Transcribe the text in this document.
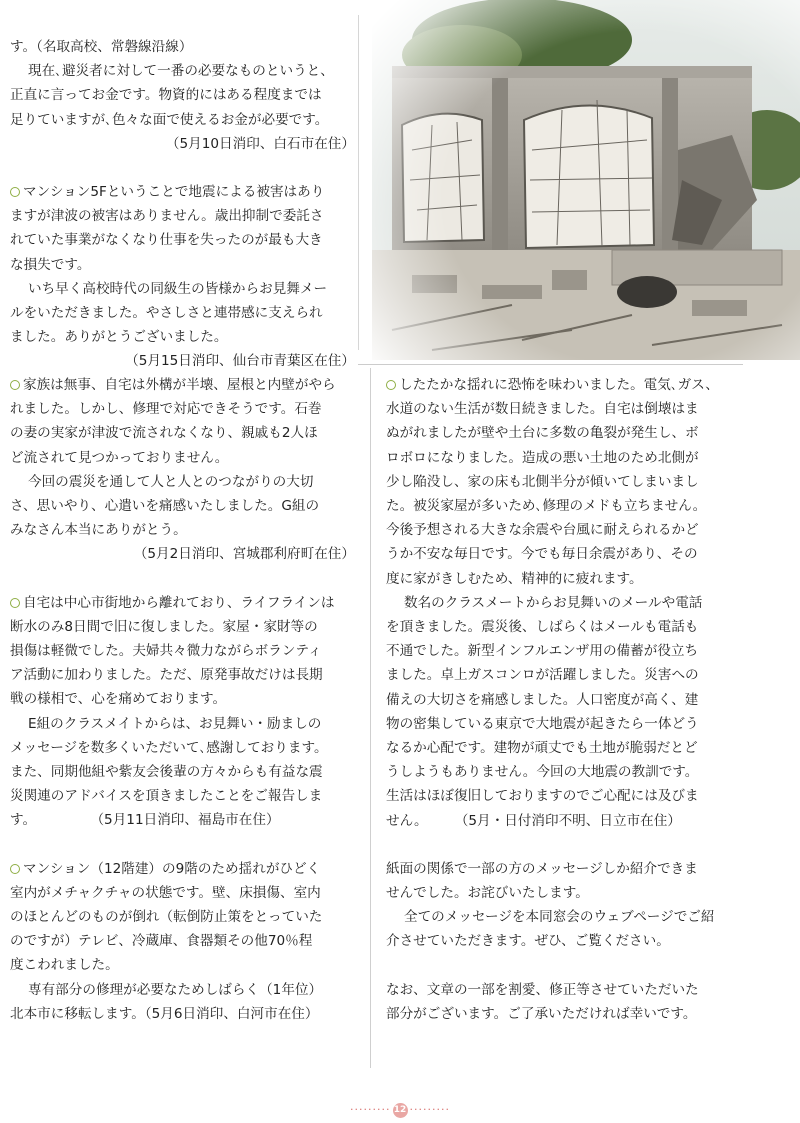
す。（名取高校、常磐線沿線）

現在､避災者に対して一番の必要なものというと、

正直に言ってお金です。物資的にはある程度までは

足りていますが､色々な面で使えるお金が必要です。

（5月10日消印、白石市在住）

マンション5Fということで地震による被害はあり

ますが津波の被害はありません。歳出抑制で委託さ

れていた事業がなくなり仕事を失ったのが最も大き

な損失です。

いち早く高校時代の同級生の皆様からお見舞メー

ルをいただきました。やさしさと連帯感に支えられ

ました。ありがとうございました。

（5月15日消印、仙台市青葉区在住）

家族は無事、自宅は外構が半壊、屋根と内壁がやら

れました。しかし、修理で対応できそうです。石巻

の妻の実家が津波で流されなくなり、親戚も2人ほ

ど流されて見つかっておりません。

今回の震災を通して人と人とのつながりの大切

さ、思いやり、心遣いを痛感いたしました。G組の

みなさん本当にありがとう。

（5月2日消印、宮城郡利府町在住）

自宅は中心市街地から離れており、ライフラインは

断水のみ8日間で旧に復しました。家屋・家財等の

損傷は軽微でした。夫婦共々微力ながらボランティ

ア活動に加わりました。ただ、原発事故だけは長期

戦の様相で、心を痛めております。

E組のクラスメイトからは、お見舞い・励ましの

メッセージを数多くいただいて､感謝しております。

また、同期他組や紫友会後輩の方々からも有益な震

災関連のアドバイスを頂きましたことをご報告しま

す。　　　　　（5月11日消印、福島市在住）

マンション（12階建）の9階のため揺れがひどく

室内がメチャクチャの状態です。壁、床損傷、室内

のほとんどのものが倒れ（転倒防止策をとっていた

のですが）テレビ、冷蔵庫、食器類その他70％程

度こわれました。

専有部分の修理が必要なためしばらく（1年位）

北本市に移転します。（5月6日消印、白河市在住）

したたかな揺れに恐怖を味わいました。電気､ガス、

水道のない生活が数日続きました。自宅は倒壊はま

ぬがれましたが壁や土台に多数の亀裂が発生し、ボ

ロボロになりました。造成の悪い土地のため北側が

少し陥没し、家の床も北側半分が傾いてしまいまし

た。被災家屋が多いため､修理のメドも立ちません。

今後予想される大きな余震や台風に耐えられるかど

うか不安な毎日です。今でも毎日余震があり、その

度に家がきしむため、精神的に疲れます。

数名のクラスメートからお見舞いのメールや電話

を頂きました。震災後、しばらくはメールも電話も

不通でした。新型インフルエンザ用の備蓄が役立ち

ました。卓上ガスコンロが活躍しました。災害への

備えの大切さを痛感しました。人口密度が高く、建

物の密集している東京で大地震が起きたら一体どう

なるか心配です。建物が頑丈でも土地が脆弱だとど

うしようもありません。今回の大地震の教訓です。

生活はほぼ復旧しておりますのでご心配には及びま

せん。　　　（5月・日付消印不明、日立市在住）

紙面の関係で一部の方のメッセージしか紹介できま

せんでした。お詫びいたします。

全てのメッセージを本同窓会のウェブページでご紹

介させていただきます。ぜひ、ご覧ください。

なお、文章の一部を割愛、修正等させていただいた

部分がございます。ご了承いただければ幸いです。

········· 12 ·········
